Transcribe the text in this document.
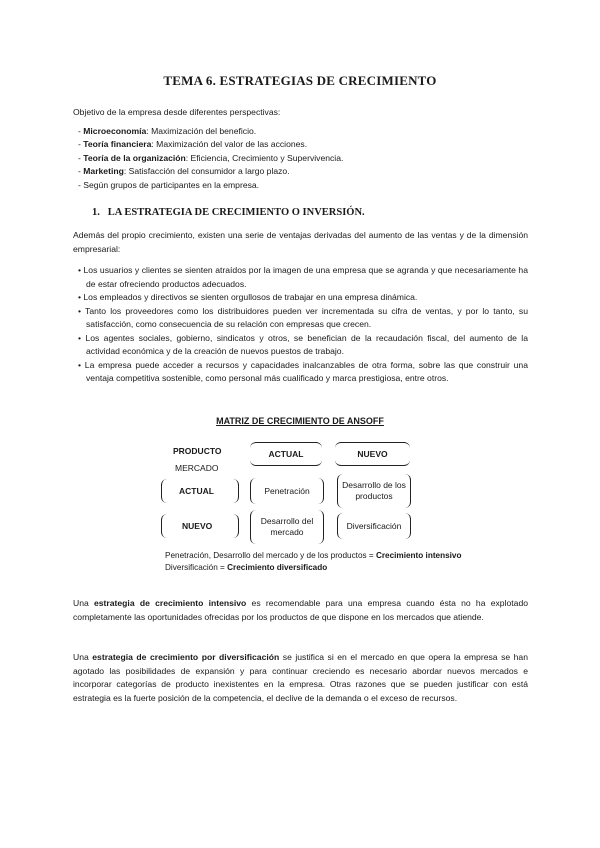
TEMA 6. ESTRATEGIAS DE CRECIMIENTO
Objetivo de la empresa desde diferentes perspectivas:
- Microeconomía: Maximización del beneficio.
- Teoría financiera: Maximización del valor de las acciones.
- Teoría de la organización: Eficiencia, Crecimiento y Supervivencia.
- Marketing: Satisfacción del consumidor a largo plazo.
- Según grupos de participantes en la empresa.
1. LA ESTRATEGIA DE CRECIMIENTO O INVERSIÓN.
Además del propio crecimiento, existen una serie de ventajas derivadas del aumento de las ventas y de la dimensión empresarial:
• Los usuarios y clientes se sienten atraídos por la imagen de una empresa que se agranda y que necesariamente ha de estar ofreciendo productos adecuados.
• Los empleados y directivos se sienten orgullosos de trabajar en una empresa dinámica.
• Tanto los proveedores como los distribuidores pueden ver incrementada su cifra de ventas, y por lo tanto, su satisfacción, como consecuencia de su relación con empresas que crecen.
• Los agentes sociales, gobierno, sindicatos y otros, se benefician de la recaudación fiscal, del aumento de la actividad económica y de la creación de nuevos puestos de trabajo.
• La empresa puede acceder a recursos y capacidades inalcanzables de otra forma, sobre las que construir una ventaja competitiva sostenible, como personal más cualificado y marca prestigiosa, entre otros.
MATRIZ DE CRECIMIENTO DE ANSOFF
PRODUCTO
MERCADO
ACTUAL	NUEVO
ACTUAL
NUEVO
Penetración
Desarrollo de los productos
Desarrollo del mercado
Diversificación
Penetración, Desarrollo del mercado y de los productos = Crecimiento intensivo
Diversificación = Crecimiento diversificado
Una estrategia de crecimiento intensivo es recomendable para una empresa cuando ésta no ha explotado completamente las oportunidades ofrecidas por los productos de que dispone en los mercados que atiende.
Una estrategia de crecimiento por diversificación se justifica si en el mercado en que opera la empresa se han agotado las posibilidades de expansión y para continuar creciendo es necesario abordar nuevos mercados e incorporar categorías de producto inexistentes en la empresa. Otras razones que se pueden justificar con está estrategia es la fuerte posición de la competencia, el declive de la demanda o el exceso de recursos.
